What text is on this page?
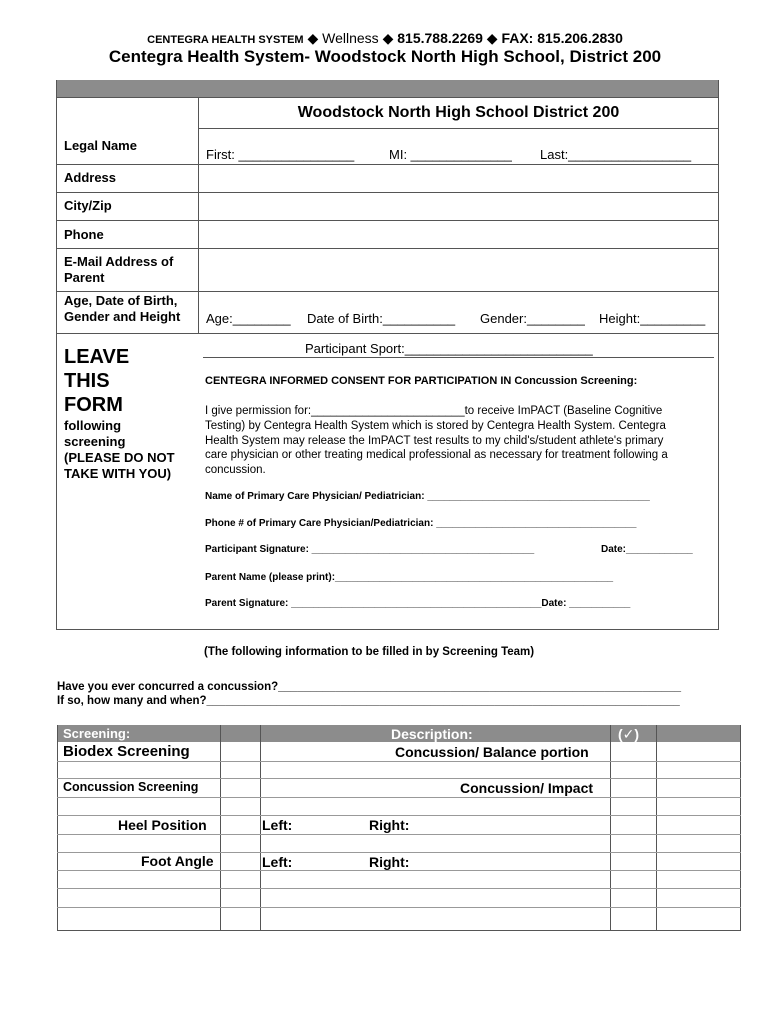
CENTEGRA HEALTH SYSTEM ◆ Wellness ◆ 815.788.2269 ◆ FAX: 815.206.2830
Centegra Health System- Woodstock North High School, District 200
Woodstock North High School District 200
Legal Name
First: ________________	MI: ______________ Last:_________________
Address
City/Zip
Phone
E-Mail Address of
Parent
Age, Date of Birth,
Gender and Height Age:________ Date of Birth:__________ Gender:________ Height:_________
LEAVE
THIS
FORM
following
screening
(PLEASE DO NOT
TAKE WITH YOU)
Participant Sport:__________________________
CENTEGRA INFORMED CONSENT FOR PARTICIPATION IN Concussion Screening:
I give permission for:________________________to receive ImPACT (Baseline Cognitive
Testing) by Centegra Health System which is stored by Centegra Health System. Centegra
Health System may release the ImPACT test results to my child's/student athlete's primary
care physician or other treating medical professional as necessary for treatment following a
concussion.
Name of Primary Care Physician/ Pediatrician: ________________________________________
Phone # of Primary Care Physician/Pediatrician: ____________________________________
Participant Signature: ________________________________________	Date:____________
Parent Name (please print):__________________________________________________
Parent Signature: _____________________________________________Date: ___________
(The following information to be filled in by Screening Team)
Have you ever concurred a concussion?_______________________________________________________________
If so, how many and when?__________________________________________________________________________
Screening:	Description:	(✓)
Biodex Screening	Concussion/ Balance portion
Concussion Screening	Concussion/ Impact
Heel Position	Left:	Right:
Foot Angle	Left:	Right:
